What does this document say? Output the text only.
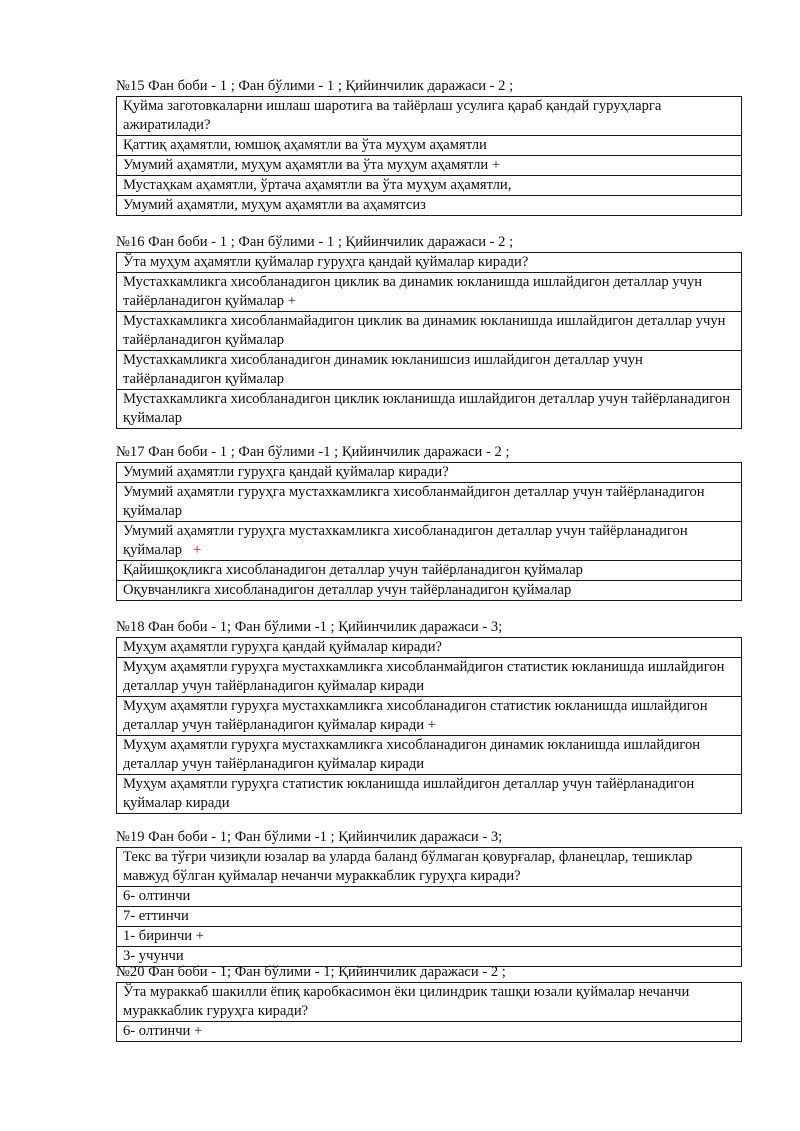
№15 Фан боби - 1 ; Фан бўлими - 1 ; Қийинчилик даражаси - 2 ;
Қуйма заготовкаларни ишлаш шаротига ва тайёрлаш усулига қараб қандай гуруҳларга ажиратилади?
Қаттиқ аҳамятли, юмшоқ аҳамятли ва ўта муҳум аҳамятли
Умумий аҳамятли, муҳум аҳамятли ва ўта муҳум аҳамятли +
Мустаҳкам аҳамятли, ўртача аҳамятли ва ўта муҳум аҳамятли,
Умумий аҳамятли, муҳум аҳамятли ва аҳамятсиз
№16 Фан боби - 1 ; Фан бўлими - 1 ; Қийинчилик даражаси - 2 ;
Ўта муҳум аҳамятли қуймалар гуруҳга қандай қуймалар киради?
Мустахкамликга хисобланадигон циклик ва динамик юкланишда ишлайдигон деталлар учун тайёрланадигон қуймалар +
Мустахкамликга хисобланмайадигон циклик ва динамик юкланишда ишлайдигон деталлар учун тайёрланадигон қуймалар
Мустахкамликга хисобланадигон динамик юкланишсиз ишлайдигон деталлар учун тайёрланадигон қуймалар
Мустахкамликга хисобланадигон циклик юкланишда ишлайдигон деталлар учун тайёрланадигон қуймалар
№17 Фан боби - 1 ; Фан бўлими -1 ; Қийинчилик даражаси - 2 ;
Умумий аҳамятли гуруҳга қандай қуймалар киради?
Умумий аҳамятли гуруҳга мустахкамликга хисобланмайдигон деталлар учун тайёрланадигон қуймалар
Умумий аҳамятли гуруҳга мустахкамликга хисобланадигон деталлар учун тайёрланадигон қуймалар   +
Қайишқоқликга хисобланадигон деталлар учун тайёрланадигон қуймалар
Оқувчанликга хисобланадигон деталлар учун тайёрланадигон қуймалар
№18 Фан боби - 1; Фан бўлими -1 ; Қийинчилик даражаси - 3;
Муҳум аҳамятли гуруҳга қандай қуймалар киради?
Муҳум аҳамятли гуруҳга мустахкамликга хисобланмайдигон статистик юкланишда ишлайдигон деталлар учун тайёрланадигон қуймалар киради
Муҳум аҳамятли гуруҳга мустахкамликга хисобланадигон статистик юкланишда ишлайдигон деталлар учун тайёрланадигон қуймалар киради +
Муҳум аҳамятли гуруҳга мустахкамликга хисобланадигон динамик юкланишда ишлайдигон деталлар учун тайёрланадигон қуймалар киради
Муҳум аҳамятли гуруҳга статистик юкланишда ишлайдигон деталлар учун тайёрланадигон қуймалар киради
№19 Фан боби - 1; Фан бўлими -1 ; Қийинчилик даражаси - 3;
Текс ва тўғри чизиқли юзалар ва уларда баланд бўлмаган қовурғалар, фланецлар, тешиклар мавжуд бўлган қуймалар нечанчи мураккаблик гуруҳга киради?
6- олтинчи
7- еттинчи
1- биринчи +
3- учунчи
№20 Фан боби - 1; Фан бўлими - 1; Қийинчилик даражаси - 2 ;
Ўта мураккаб шакилли ёпиқ каробкасимон ёки цилиндрик ташқи юзали қуймалар нечанчи мураккаблик гуруҳга киради?
6- олтинчи +
